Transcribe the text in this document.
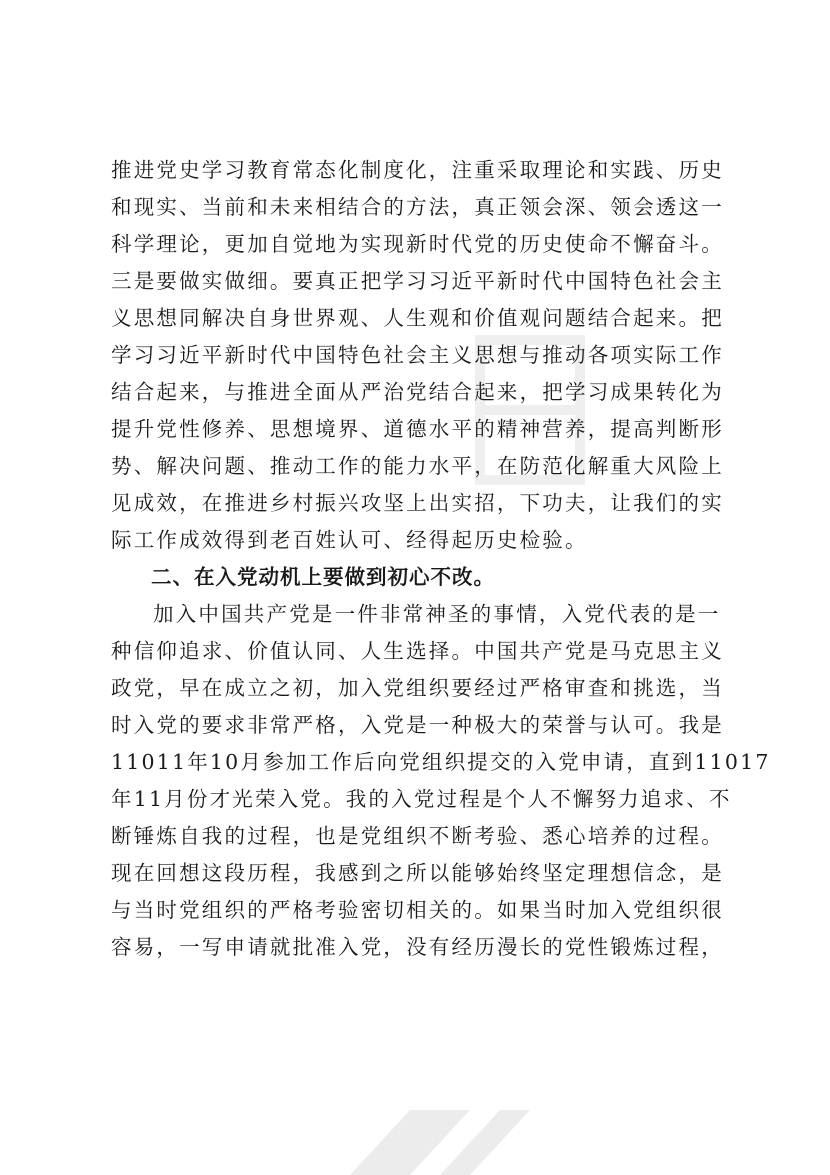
推进党史学习教育常态化制度化，注重采取理论和实践、历史
和现实、当前和未来相结合的方法，真正领会深、领会透这一
科学理论，更加自觉地为实现新时代党的历史使命不懈奋斗。
三是要做实做细。要真正把学习习近平新时代中国特色社会主
义思想同解决自身世界观、人生观和价值观问题结合起来。把
学习习近平新时代中国特色社会主义思想与推动各项实际工作
结合起来，与推进全面从严治党结合起来，把学习成果转化为
提升党性修养、思想境界、道德水平的精神营养，提高判断形
势、解决问题、推动工作的能力水平，在防范化解重大风险上
见成效，在推进乡村振兴攻坚上出实招，下功夫，让我们的实
际工作成效得到老百姓认可、经得起历史检验。
二、在入党动机上要做到初心不改。
加入中国共产党是一件非常神圣的事情，入党代表的是一
种信仰追求、价值认同、人生选择。中国共产党是马克思主义
政党，早在成立之初，加入党组织要经过严格审查和挑选，当
时入党的要求非常严格，入党是一种极大的荣誉与认可。我是
11011年10月参加工作后向党组织提交的入党申请，直到11017
年11月份才光荣入党。我的入党过程是个人不懈努力追求、不
断锤炼自我的过程，也是党组织不断考验、悉心培养的过程。
现在回想这段历程，我感到之所以能够始终坚定理想信念，是
与当时党组织的严格考验密切相关的。如果当时加入党组织很
容易，一写申请就批准入党，没有经历漫长的党性锻炼过程，
